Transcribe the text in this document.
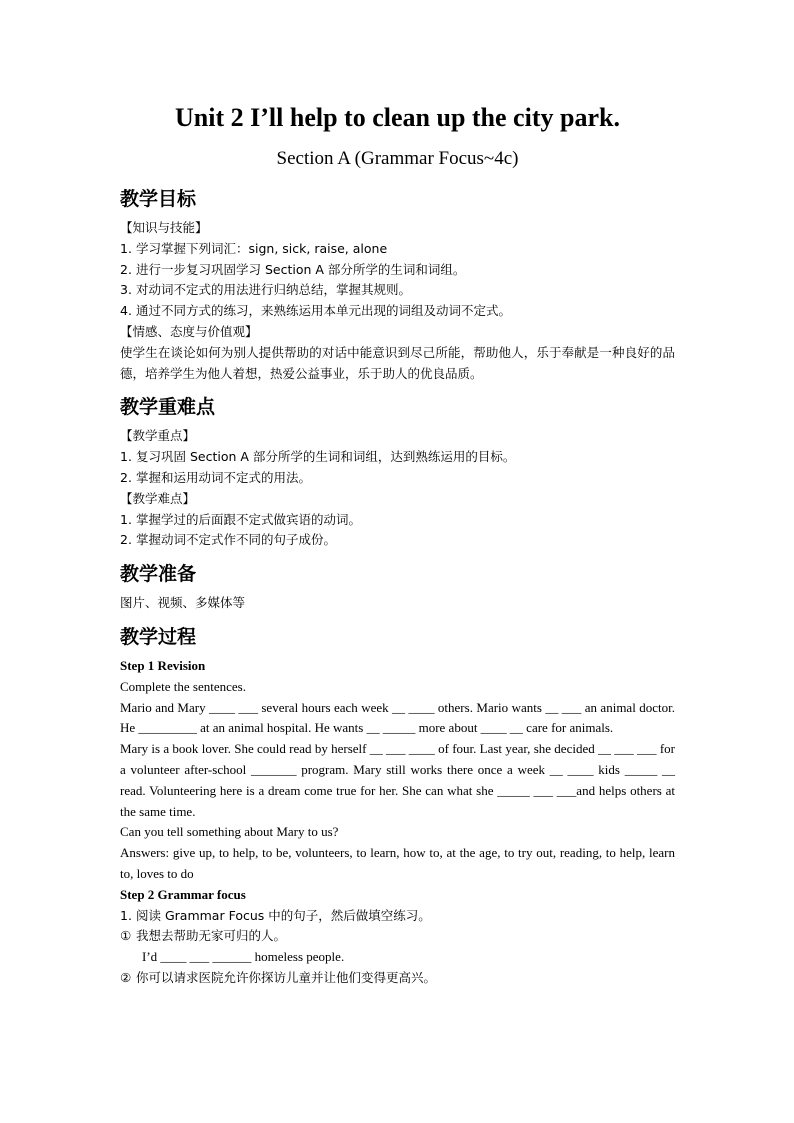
Unit 2 I’ll help to clean up the city park.
Section A (Grammar Focus~4c)
教学目标
【知识与技能】
1. 学习掌握下列词汇：sign, sick, raise, alone
2. 进行一步复习巩固学习 Section A 部分所学的生词和词组。
3. 对动词不定式的用法进行归纳总结，掌握其规则。
4. 通过不同方式的练习，来熟练运用本单元出现的词组及动词不定式。
【情感、态度与价值观】
使学生在谈论如何为别人提供帮助的对话中能意识到尽己所能，帮助他人，乐于奉献是一种良好的品德，培养学生为他人着想，热爱公益事业，乐于助人的优良品质。
教学重难点
【教学重点】
1. 复习巩固 Section A 部分所学的生词和词组，达到熟练运用的目标。
2. 掌握和运用动词不定式的用法。
【教学难点】
1. 掌握学过的后面跟不定式做宾语的动词。
2. 掌握动词不定式作不同的句子成份。
教学准备
图片、视频、多媒体等
教学过程
Step 1 Revision
Complete the sentences.
Mario and Mary ____ ___ several hours each week __ ____ others. Mario wants __ ___ an animal doctor. He _________ at an animal hospital. He wants __ _____ more about ____ __ care for animals.
Mary is a book lover. She could read by herself __ ___ ____ of four. Last year, she decided __ ___ ___ for a volunteer after-school _______ program. Mary still works there once a week __ ____ kids _____ __ read. Volunteering here is a dream come true for her. She can what she _____ ___ ___and helps others at the same time.
Can you tell something about Mary to us?
Answers: give up, to help, to be, volunteers, to learn, how to, at the age, to try out, reading, to help, learn to, loves to do
Step 2 Grammar focus
1. 阅读 Grammar Focus 中的句子，然后做填空练习。
① 我想去帮助无家可归的人。
I’d ____ ___ ______ homeless people.
② 你可以请求医院允许你探访儿童并让他们变得更高兴。
